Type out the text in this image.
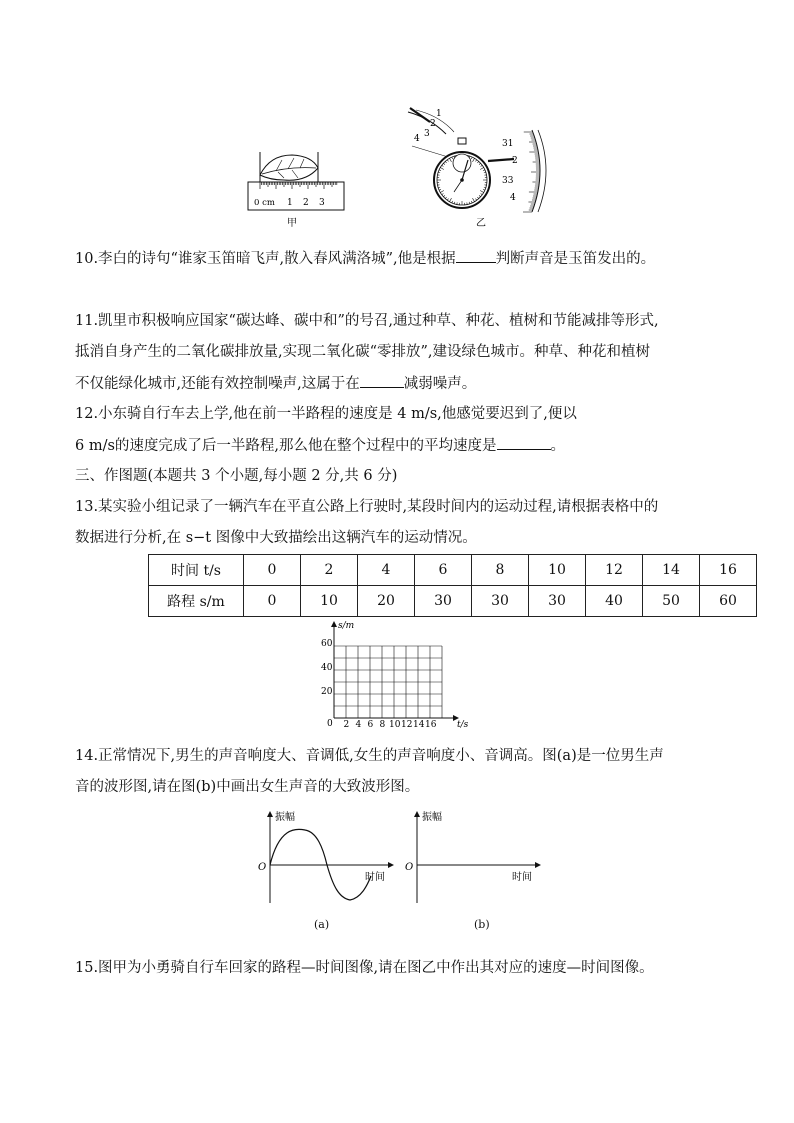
0 cm 1 2 3
甲
1
2
3
4	31
2
33
4
乙
10.李白的诗句“谁家玉笛暗飞声,散入春风满洛城”,他是根据	判断声音是玉笛发出的。
11.凯里市积极响应国家“碳达峰、碳中和”的号召,通过种草、种花、植树和节能减排等形式,
抵消自身产生的二氧化碳排放量,实现二氧化碳“零排放”,建设绿色城市。种草、种花和植树
不仅能绿化城市,还能有效控制噪声,这属于在	减弱噪声。
12.小东骑自行车去上学,他在前一半路程的速度是 4 m/s,他感觉要迟到了,便以
6 m/s的速度完成了后一半路程,那么他在整个过程中的平均速度是	。
三、作图题(本题共 3 个小题,每小题 2 分,共 6 分)
13.某实验小组记录了一辆汽车在平直公路上行驶时,某段时间内的运动过程,请根据表格中的
数据进行分析,在 s−t 图像中大致描绘出这辆汽车的运动情况。
时间 t/s	0	2	4	6	8	10	12	14	16
路程 s/m	0	10	20	30	30	30	40	50	60
s/m
t/s
0
20
40
60
2 4 6 8 10 12 14 16
14.正常情况下,男生的声音响度大、音调低,女生的声音响度小、音调高。图(a)是一位男生声
音的波形图,请在图(b)中画出女生声音的大致波形图。
振幅
时间
O
(a)
振幅
时间
O
(b)
15.图甲为小勇骑自行车回家的路程—时间图像,请在图乙中作出其对应的速度—时间图像。
